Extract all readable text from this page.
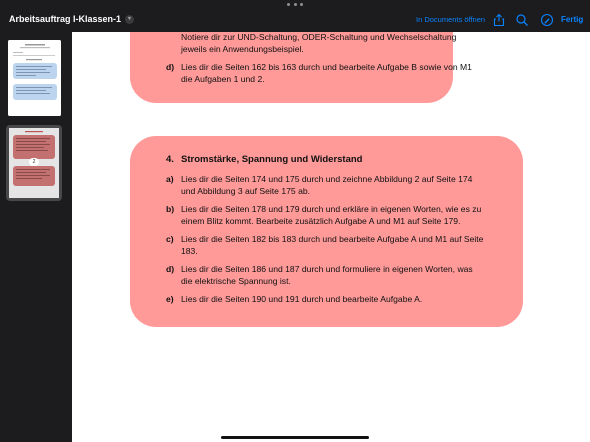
Arbeitsauftrag I-Klassen-1	▾	In Documents öffnen	Fertig
2
Notiere dir zur UND-Schaltung, ODER-Schaltung und Wechselschaltung
jeweils ein Anwendungsbeispiel.
d) Lies dir die Seiten 162 bis 163 durch und bearbeite Aufgabe B sowie von M1
die Aufgaben 1 und 2.
4. Stromstärke, Spannung und Widerstand
a) Lies dir die Seiten 174 und 175 durch und zeichne Abbildung 2 auf Seite 174
und Abbildung 3 auf Seite 175 ab.
b) Lies dir die Seiten 178 und 179 durch und erkläre in eigenen Worten, wie es zu
einem Blitz kommt. Bearbeite zusätzlich Aufgabe A und M1 auf Seite 179.
c) Lies dir die Seiten 182 bis 183 durch und bearbeite Aufgabe A und M1 auf Seite
183.
d) Lies dir die Seiten 186 und 187 durch und formuliere in eigenen Worten, was
die elektrische Spannung ist.
e) Lies dir die Seiten 190 und 191 durch und bearbeite Aufgabe A.
